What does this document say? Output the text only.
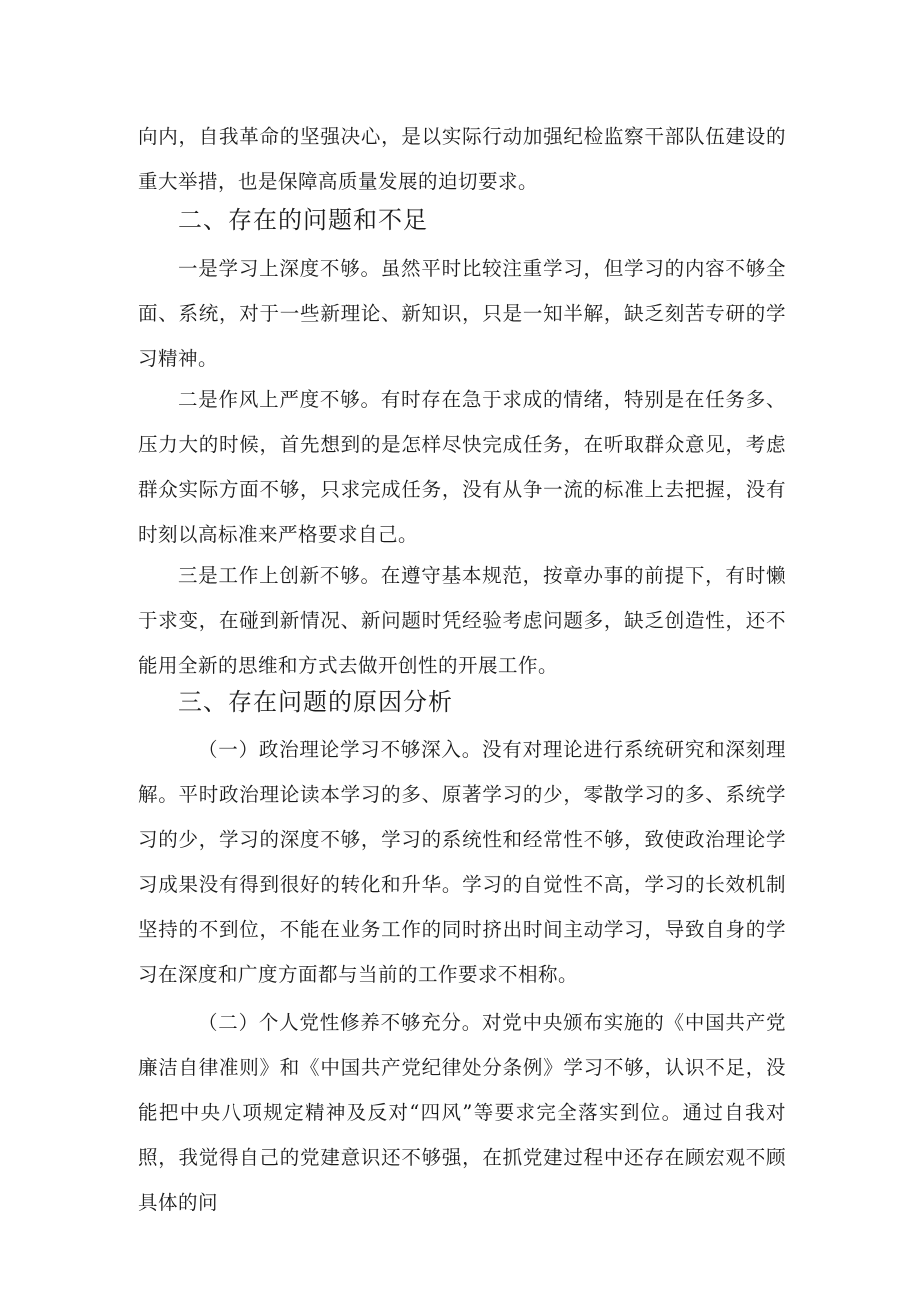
向内，自我革命的坚强决心，是以实际行动加强纪检监察干部队伍建设的重大举措，也是保障高质量发展的迫切要求。

二、存在的问题和不足

一是学习上深度不够。虽然平时比较注重学习，但学习的内容不够全面、系统，对于一些新理论、新知识，只是一知半解，缺乏刻苦专研的学习精神。

二是作风上严度不够。有时存在急于求成的情绪，特别是在任务多、压力大的时候，首先想到的是怎样尽快完成任务，在听取群众意见，考虑群众实际方面不够，只求完成任务，没有从争一流的标准上去把握，没有时刻以高标准来严格要求自己。

三是工作上创新不够。在遵守基本规范，按章办事的前提下，有时懒于求变，在碰到新情况、新问题时凭经验考虑问题多，缺乏创造性，还不能用全新的思维和方式去做开创性的开展工作。

三、存在问题的原因分析

（一）政治理论学习不够深入。没有对理论进行系统研究和深刻理解。平时政治理论读本学习的多、原著学习的少，零散学习的多、系统学习的少，学习的深度不够，学习的系统性和经常性不够，致使政治理论学习成果没有得到很好的转化和升华。学习的自觉性不高，学习的长效机制坚持的不到位，不能在业务工作的同时挤出时间主动学习，导致自身的学习在深度和广度方面都与当前的工作要求不相称。

（二）个人党性修养不够充分。对党中央颁布实施的《中国共产党廉洁自律准则》和《中国共产党纪律处分条例》学习不够，认识不足，没能把中央八项规定精神及反对“四风”等要求完全落实到位。通过自我对照，我觉得自己的党建意识还不够强，在抓党建过程中还存在顾宏观不顾具体的问
